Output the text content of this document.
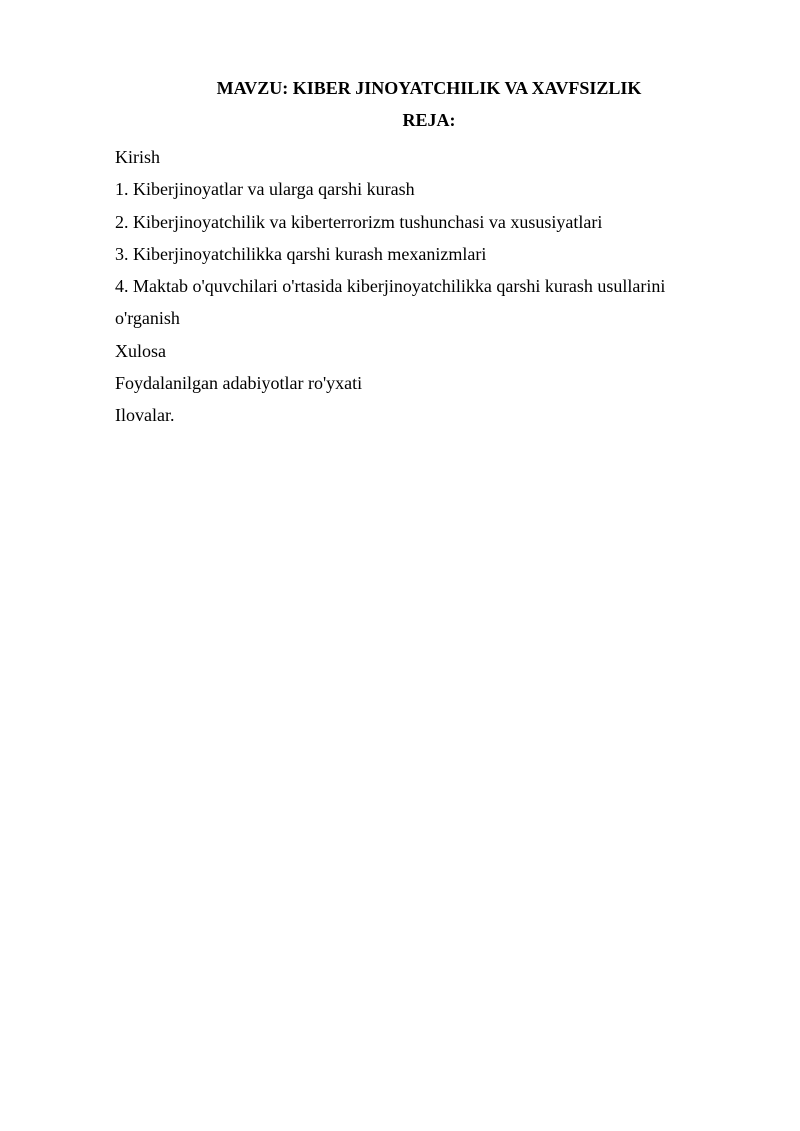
MAVZU: KIBER JINOYATCHILIK VA XAVFSIZLIK
REJA:
Kirish
1. Kiberjinoyatlar va ularga qarshi kurash
2. Kiberjinoyatchilik va kiberterrorizm tushunchasi va xususiyatlari
3. Kiberjinoyatchilikka qarshi kurash mexanizmlari
4. Maktab o'quvchilari o'rtasida kiberjinoyatchilikka qarshi kurash usullarini
o'rganish
Xulosa
Foydalanilgan adabiyotlar ro'yxati
Ilovalar.
